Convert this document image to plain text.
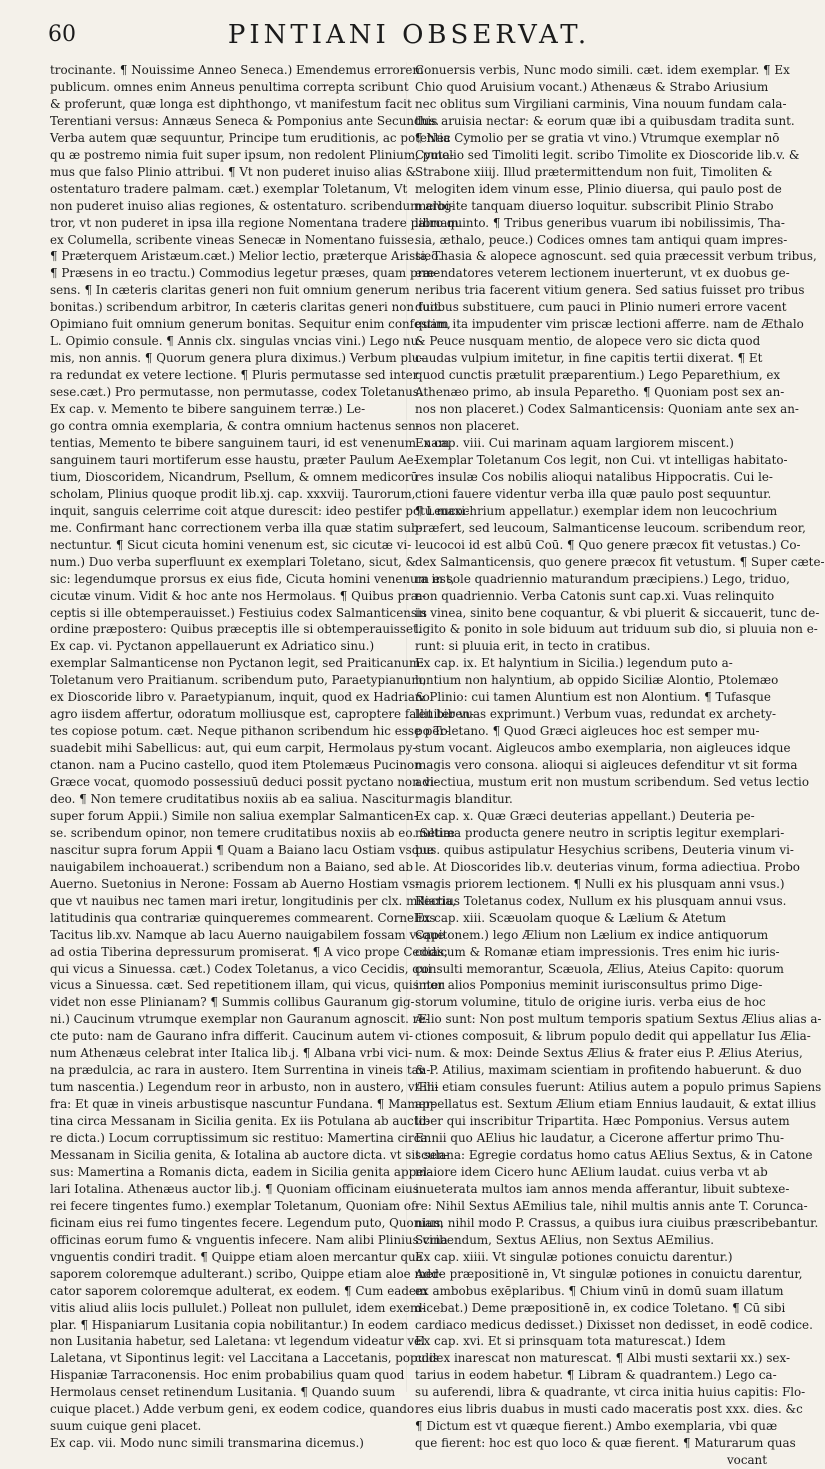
60	PINTIANI OBSERVAT.
trocinante. ¶ Nouissime Anneo Seneca.) Emendemus errorem
publicum. omnes enim Anneus penultima correpta scribunt
& proferunt, quæ longa est diphthongo, vt manifestum facit
Terentiani versus: Annæus Seneca & Pomponius ante Secundus.
Verba autem quæ sequuntur, Principe tum eruditionis, ac potentia
qu æ postremo nimia fuit super ipsum, non redolent Plinium, puta-
mus que falso Plinio attribui. ¶ Vt non puderet inuiso alias &
ostentaturo tradere palmam. cæt.) exemplar Toletanum, Vt
non puderet inuiso alias regiones, & ostentaturo. scribendum arbi-
tror, vt non puderet in ipsa illa regione Nomentana tradere palmam.
ex Columella, scribente vineas Senecæ in Nomentano fuisse.
¶ Præterquem Aristæum.cæt.) Melior lectio, præterque Aristæo.
¶ Præsens in eo tractu.) Commodius legetur præses, quam præ-
sens. ¶ In cæteris claritas generi non fuit omnium generum
bonitas.) scribendum arbitror, In cæteris claritas generi non fuit.
Opimiano fuit omnium generum bonitas. Sequitur enim confestim,
L. Opimio consule. ¶ Annis clx. singulas vncias vini.) Lego nu-
mis, non annis. ¶ Quorum genera plura diximus.) Verbum plu-
ra redundat ex vetere lectione. ¶ Pluris permutasse sed inter
sese.cæt.) Pro permutasse, non permutasse, codex Toletanus.
Ex cap. v. Memento te bibere sanguinem terræ.) Le-
go contra omnia exemplaria, & contra omnium hactenus sen-
tentias, Memento te bibere sanguinem tauri, id est venenum. nam
sanguinem tauri mortiferum esse haustu, præter Paulum Ae-
tium, Dioscoridem, Nicandrum, Psellum, & omnem medicorū
scholam, Plinius quoque prodit lib.xj. cap. xxxviij. Taurorum,
inquit, sanguis celerrime coit atque durescit: ideo pestifer potu maxi-
me. Confirmant hanc correctionem verba illa quæ statim sub-
nectuntur. ¶ Sicut cicuta homini venenum est, sic cicutæ vi-
num.) Duo verba superfluunt ex exemplari Toletano, sicut, &
sic: legendumque prorsus ex eius fide, Cicuta homini venenum est,
cicutæ vinum. Vidit & hoc ante nos Hermolaus. ¶ Quibus præ-
ceptis si ille obtemperauisset.) Festiuius codex Salmanticensis
ordine præpostero: Quibus præceptis ille si obtemperauisset.
Ex cap. vi. Pyctanon appellauerunt ex Adriatico sinu.)
exemplar Salmanticense non Pyctanon legit, sed Praiticanum:
Toletanum vero Praitianum. scribendum puto, Paraetypianum,
ex Dioscoride libro v. Paraetypianum, inquit, quod ex Hadriano
agro iisdem affertur, odoratum molliusque est, caproptere fallit biben-
tes copiose potum. cæt. Neque pithanon scribendum hic esse per-
suadebit mihi Sabellicus: aut, qui eum carpit, Hermolaus py-
ctanon. nam a Pucino castello, quod item Ptolemæus Pucinon
Græce vocat, quomodo possessiuū deduci possit pyctano non vi-
deo. ¶ Non temere cruditatibus noxiis ab ea saliua. Nascitur
super forum Appii.) Simile non saliua exemplar Salmanticen-
se. scribendum opinor, non temere cruditatibus noxiis ab eo. Setiæ
nascitur supra forum Appii ¶ Quam a Baiano lacu Ostiam vsque
nauigabilem inchoauerat.) scribendum non a Baiano, sed ab
Auerno. Suetonius in Nerone: Fossam ab Auerno Hostiam vs-
que vt nauibus nec tamen mari iretur, longitudinis per clx. miliaria,
latitudinis qua contrariæ quinqueremes commearent. Cornelius
Tacitus lib.xv. Namque ab lacu Auerno nauigabilem fossam vsque
ad ostia Tiberina depressurum promiserat. ¶ A vico prope Cedias,
qui vicus a Sinuessa. cæt.) Codex Toletanus, a vico Cecidis, qui
vicus a Sinuessa. cæt. Sed repetitionem illam, qui vicus, quis non
videt non esse Plinianam? ¶ Summis collibus Gauranum gig-
ni.) Caucinum vtrumque exemplar non Gauranum agnoscit. re-
cte puto: nam de Gaurano infra differit. Caucinum autem vi-
num Athenæus celebrat inter Italica lib.j. ¶ Albana vrbi vici-
na prædulcia, ac rara in austero. Item Surrentina in vineis tan-
tum nascentia.) Legendum reor in arbusto, non in austero, vt in-
fra: Et quæ in vineis arbustisque nascuntur Fundana. ¶ Mamer-
tina circa Messanam in Sicilia genita. Ex iis Potulana ab aucto-
re dicta.) Locum corruptissimum sic restituo: Mamertina circa
Messanam in Sicilia genita, & Iotalina ab auctore dicta. vt sit sen-
sus: Mamertina a Romanis dicta, eadem in Sicilia genita appel-
lari Iotalina. Athenæus auctor lib.j. ¶ Quoniam officinam eius
rei fecere tingentes fumo.) exemplar Toletanum, Quoniam of-
ficinam eius rei fumo tingentes fecere. Legendum puto, Quoniam
officinas eorum fumo & vnguentis infecere. Nam alibi Plinius vina
vnguentis condiri tradit. ¶ Quippe etiam aloen mercantur qua
saporem coloremque adulterant.) scribo, Quippe etiam aloe mer-
cator saporem coloremque adulterat, ex eodem. ¶ Cum eadem
vitis aliud aliis locis pullulet.) Polleat non pullulet, idem exem-
plar. ¶ Hispaniarum Lusitania copia nobilitantur.) In eodem
non Lusitania habetur, sed Laletana: vt legendum videatur vel
Laletana, vt Sipontinus legit: vel Laccitana a Laccetanis, populis
Hispaniæ Tarraconensis. Hoc enim probabilius quam quod
Hermolaus censet retinendum Lusitania. ¶ Quando suum
cuique placet.) Adde verbum geni, ex eodem codice, quando
suum cuique geni placet.
Ex cap. vii. Modo nunc simili transmarina dicemus.)
Conuersis verbis, Nunc modo simili. cæt. idem exemplar. ¶ Ex
Chio quod Aruisium vocant.) Athenæus & Strabo Ariusium
nec oblitus sum Virgiliani carminis, Vina nouum fundam cala-
this aruisia nectar: & eorum quæ ibi a quibusdam tradita sunt.
¶ Nec Cymolio per se gratia vt vino.) Vtrumque exemplar nō
Cymolio sed Timoliti legit. scribo Timolite ex Dioscoride lib.v. &
Strabone xiiij. Illud prætermittendum non fuit, Timoliten &
melogiten idem vinum esse, Plinio diuersa, qui paulo post de
melogite tanquam diuerso loquitur. subscribit Plinio Strabo
libro quinto. ¶ Tribus generibus vuarum ibi nobilissimis, Tha-
sia, æthalo, peuce.) Codices omnes tam antiqui quam impres-
si, Thasia & alopece agnoscunt. sed quia præcessit verbum tribus,
emendatores veterem lectionem inuerterunt, vt ex duobus ge-
neribus tria facerent vitium genera. Sed satius fuisset pro tribus
duobus substituere, cum pauci in Plinio numeri errore vacent
quam ita impudenter vim priscæ lectioni afferre. nam de Æthalo
& Peuce nusquam mentio, de alopece vero sic dicta quod
caudas vulpium imitetur, in fine capitis tertii dixerat. ¶ Et
quod cunctis prætulit præparentium.) Lego Peparethium, ex
Athenæo primo, ab insula Peparetho. ¶ Quoniam post sex an-
nos non placeret.) Codex Salmanticensis: Quoniam ante sex an-
nos non placeret.
Ex cap. viii. Cui marinam aquam largiorem miscent.)
Exemplar Toletanum Cos legit, non Cui. vt intelligas habitato-
res insulæ Cos nobilis alioqui natalibus Hippocratis. Cui le-
ctioni fauere videntur verba illa quæ paulo post sequuntur.
¶ Leucochrium appellatur.) exemplar idem non leucochrium
præfert, sed leucoum, Salmanticense leucoum. scribendum reor,
leucocoi id est albū Coū. ¶ Quo genere præcox fit vetustas.) Co-
dex Salmanticensis, quo genere præcox fit vetustum. ¶ Super cæte-
ra in sole quadriennio maturandum præcipiens.) Lego, triduo,
non quadriennio. Verba Catonis sunt cap.xi. Vuas relinquito
in vinea, sinito bene coquantur, & vbi pluerit & siccauerit, tunc de-
ligito & ponito in sole biduum aut triduum sub dio, si pluuia non e-
runt: si pluuia erit, in tecto in cratibus.
Ex cap. ix. Et halyntium in Sicilia.) legendum puto a-
lontium non halyntium, ab oppido Siciliæ Alontio, Ptolemæo
& Plinio: cui tamen Aluntium est non Alontium. ¶ Tufasque
leuiter vuas exprimunt.) Verbum vuas, redundat ex archety-
po Toletano. ¶ Quod Græci aigleuces hoc est semper mu-
stum vocant. Aigleucos ambo exemplaria, non aigleuces idque
magis vero consona. alioqui si aigleuces defenditur vt sit forma
adiectiua, mustum erit non mustum scribendum. Sed vetus lectio
magis blanditur.
Ex cap. x. Quæ Græci deuterias appellant.) Deuteria pe-
nultima producta genere neutro in scriptis legitur exemplari-
bus. quibus astipulatur Hesychius scribens, Deuteria vinum vi-
le. At Dioscorides lib.v. deuterias vinum, forma adiectiua. Probo
magis priorem lectionem. ¶ Nulli ex his plusquam anni vsus.)
Rectius Toletanus codex, Nullum ex his plusquam annui vsus.
Ex cap. xiii. Scæuolam quoque & Lælium & Atetum
Capitonem.) lego Ælium non Lælium ex indice antiquorum
codicum & Romanæ etiam impressionis. Tres enim hic iuris-
consulti memorantur, Scæuola, Ælius, Ateius Capito: quorum
inter alios Pomponius meminit iurisconsultus primo Dige-
storum volumine, titulo de origine iuris. verba eius de hoc
Ælio sunt: Non post multum temporis spatium Sextus Ælius alias a-
ctiones composuit, & librum populo dedit qui appellatur Ius Ælia-
num. & mox: Deinde Sextus Ælius & frater eius P. Ælius Aterius,
& P. Atilius, maximam scientiam in profitendo habuerunt. & duo
Ælii etiam consules fuerunt: Atilius autem a populo primus Sapiens
appellatus est. Sextum Ælium etiam Ennius laudauit, & extat illius
liber qui inscribitur Tripartita. Hæc Pomponius. Versus autem
Ennii quo AElius hic laudatur, a Cicerone affertur primo Thu-
sculana: Egregie cordatus homo catus AElius Sextus, & in Catone
maiore idem Cicero hunc AElium laudat. cuius verba vt ab
inueterata multos iam annos menda afferantur, libuit subtexe-
re: Nihil Sextus AEmilius tale, nihil multis annis ante T. Corunca-
nius, nihil modo P. Crassus, a quibus iura ciuibus præscribebantur.
Scribendum, Sextus AElius, non Sextus AEmilius.
Ex cap. xiiii. Vt singulæ potiones conuictu darentur.)
Adde præpositionē in, Vt singulæ potiones in conuictu darentur,
ex ambobus exēplaribus. ¶ Chium vinū in domū suam illatum
dicebat.) Deme præpositionē in, ex codice Toletano. ¶ Cū sibi
cardiaco medicus dedisset.) Dixisset non dedisset, in eodē codice.
Ex cap. xvi. Et si prinsquam tota maturescat.) Idem
codex inarescat non maturescat. ¶ Albi musti sextarii xx.) sex-
tarius in eodem habetur. ¶ Libram & quadrantem.) Lego ca-
su auferendi, libra & quadrante, vt circa initia huius capitis: Flo-
res eius libris duabus in musti cado maceratis post xxx. dies. &c
¶ Dictum est vt quæque fierent.) Ambo exemplaria, vbi quæ
que fierent: hoc est quo loco & quæ fierent. ¶ Maturarum quas
vocant
